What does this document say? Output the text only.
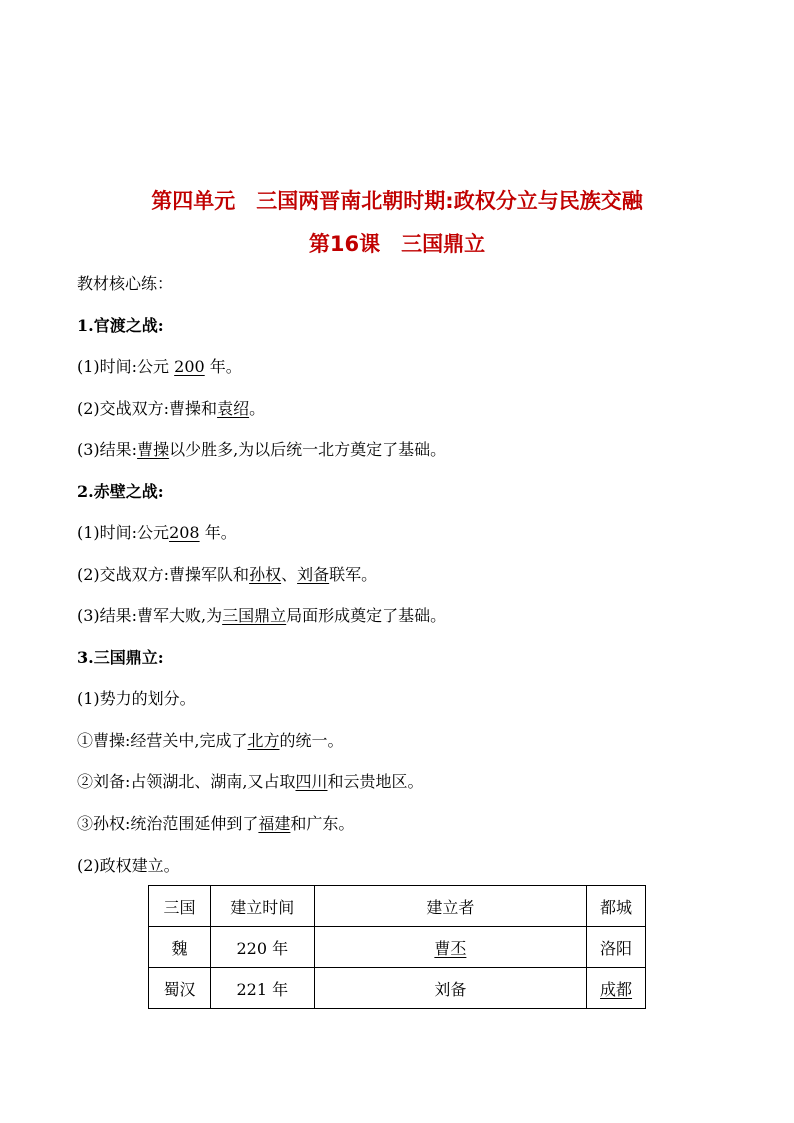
第四单元　三国两晋南北朝时期:政权分立与民族交融
第16课　三国鼎立
教材核心练：
1.官渡之战:
(1)时间:公元 200 年。
(2)交战双方:曹操和袁绍。
(3)结果:曹操以少胜多,为以后统一北方奠定了基础。
2.赤壁之战:
(1)时间:公元208 年。
(2)交战双方:曹操军队和孙权、刘备联军。
(3)结果:曹军大败,为三国鼎立局面形成奠定了基础。
3.三国鼎立:
(1)势力的划分。
①曹操:经营关中,完成了北方的统一。
②刘备:占领湖北、湖南,又占取四川和云贵地区。
③孙权:统治范围延伸到了福建和广东。
(2)政权建立。
三国	建立时间	建立者	都城
魏	220 年	曹丕	洛阳
蜀汉	221 年	刘备	成都
